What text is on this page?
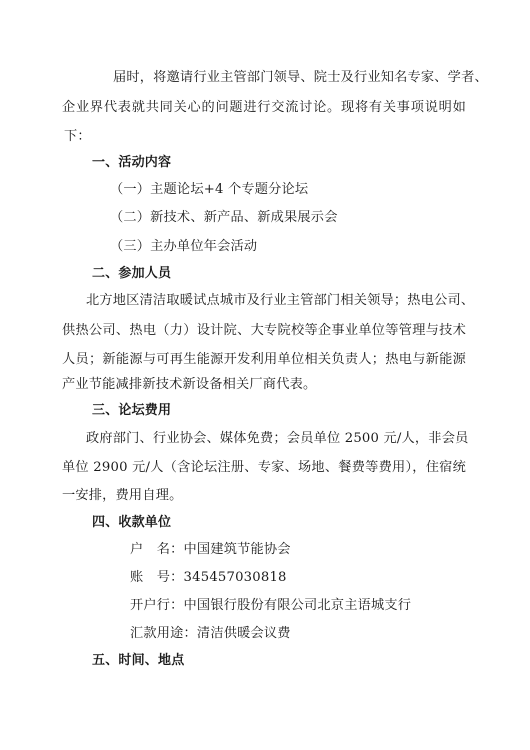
届时，将邀请行业主管部门领导、院士及行业知名专家、学者、
企业界代表就共同关心的问题进行交流讨论。现将有关事项说明如
下：
一、活动内容
（一）主题论坛+4 个专题分论坛
（二）新技术、新产品、新成果展示会
（三）主办单位年会活动
二、参加人员
北方地区清洁取暖试点城市及行业主管部门相关领导；热电公司、
供热公司、热电（力）设计院、大专院校等企事业单位等管理与技术
人员；新能源与可再生能源开发利用单位相关负责人；热电与新能源
产业节能减排新技术新设备相关厂商代表。
三、论坛费用
政府部门、行业协会、媒体免费；会员单位 2500 元/人，非会员
单位 2900 元/人（含论坛注册、专家、场地、餐费等费用），住宿统
一安排，费用自理。
四、收款单位
户　名：中国建筑节能协会
账　号：345457030818
开户行：中国银行股份有限公司北京主语城支行
汇款用途：清洁供暖会议费
五、时间、地点
